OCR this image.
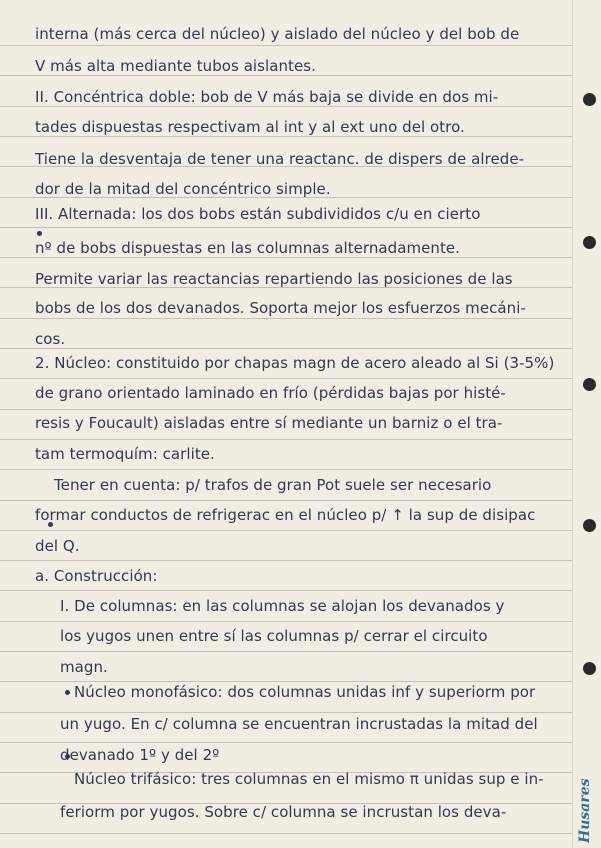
Husares
interna (más cerca del núcleo) y aislado del núcleo y del bob de
V más alta mediante tubos aislantes.
II. Concéntrica doble: bob de V más baja se divide en dos mi-
tades dispuestas respectivam al int y al ext uno del otro.
Tiene la desventaja de tener una reactanc. de dispers de alrede-
dor de la mitad del concéntrico simple.
III. Alternada: los dos bobs están subdivididos c/u en cierto
nº de bobs dispuestas en las columnas alternadamente.
Permite variar las reactancias repartiendo las posiciones de las
bobs de los dos devanados. Soporta mejor los esfuerzos mecáni-
cos.
2. Núcleo: constituido por chapas magn de acero aleado al Si (3-5%)
de grano orientado laminado en frío (pérdidas bajas por histé-
resis y Foucault) aisladas entre sí mediante un barniz o el tra-
tam termoquím: carlite.
Tener en cuenta: p/ trafos de gran Pot suele ser necesario
formar conductos de refrigerac en el núcleo p/ ↑ la sup de disipac
del Q.
a. Construcción:
I. De columnas: en las columnas se alojan los devanados y
los yugos unen entre sí las columnas p/ cerrar el circuito
magn.
Núcleo monofásico: dos columnas unidas inf y superiorm por
un yugo. En c/ columna se encuentran incrustadas la mitad del
devanado 1º y del 2º
Núcleo trifásico: tres columnas en el mismo π unidas sup e in-
feriorm por yugos. Sobre c/ columna se incrustan los deva-
